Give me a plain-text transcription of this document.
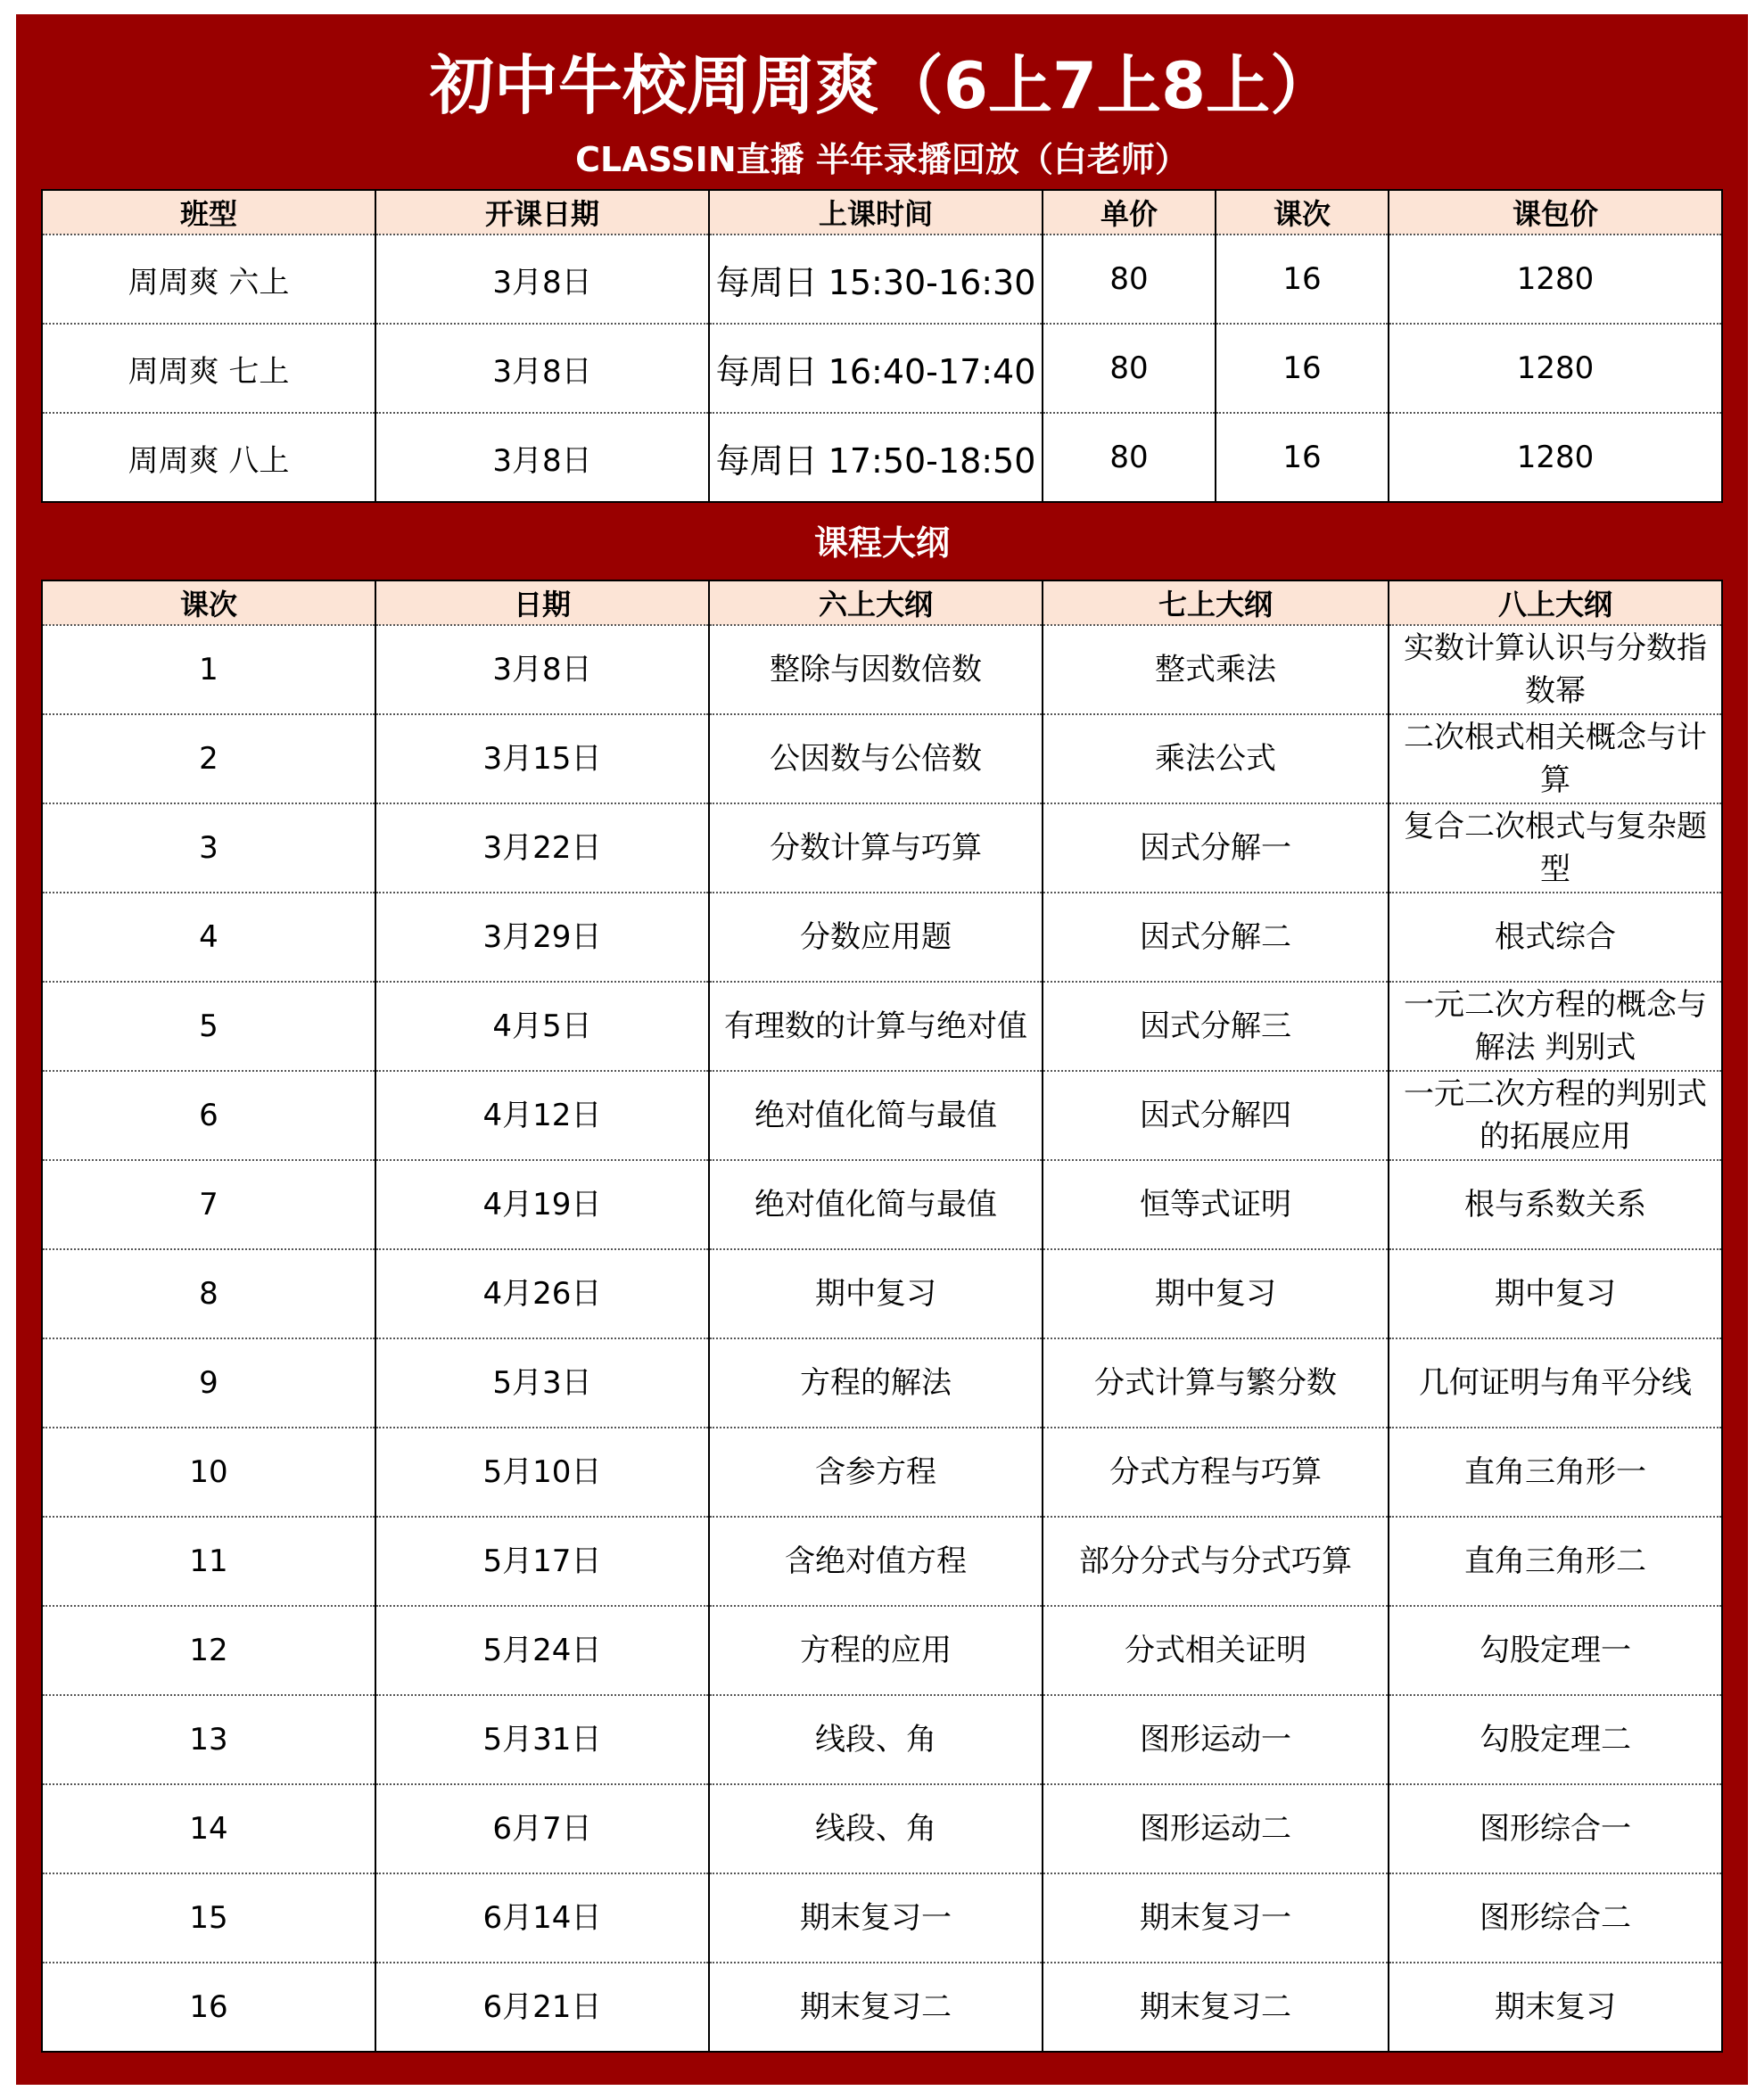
初中牛校周周爽（6上7上8上）
CLASSIN直播 半年录播回放（白老师）
班型	开课日期	上课时间	单价	课次	课包价
周周爽 六上	3月8日	每周日 15:30-16:30	80	16	1280
周周爽 七上	3月8日	每周日 16:40-17:40	80	16	1280
周周爽 八上	3月8日	每周日 17:50-18:50	80	16	1280
课程大纲
课次	日期	六上大纲	七上大纲	八上大纲
1	3月8日	整除与因数倍数	整式乘法	实数计算认识与分数指数幂
2	3月15日	公因数与公倍数	乘法公式	二次根式相关概念与计算
3	3月22日	分数计算与巧算	因式分解一	复合二次根式与复杂题型
4	3月29日	分数应用题	因式分解二	根式综合
5	4月5日	有理数的计算与绝对值	因式分解三	一元二次方程的概念与解法 判别式
6	4月12日	绝对值化简与最值	因式分解四	一元二次方程的判别式的拓展应用
7	4月19日	绝对值化简与最值	恒等式证明	根与系数关系
8	4月26日	期中复习	期中复习	期中复习
9	5月3日	方程的解法	分式计算与繁分数	几何证明与角平分线
10	5月10日	含参方程	分式方程与巧算	直角三角形一
11	5月17日	含绝对值方程	部分分式与分式巧算	直角三角形二
12	5月24日	方程的应用	分式相关证明	勾股定理一
13	5月31日	线段、角	图形运动一	勾股定理二
14	6月7日	线段、角	图形运动二	图形综合一
15	6月14日	期末复习一	期末复习一	图形综合二
16	6月21日	期末复习二	期末复习二	期末复习
